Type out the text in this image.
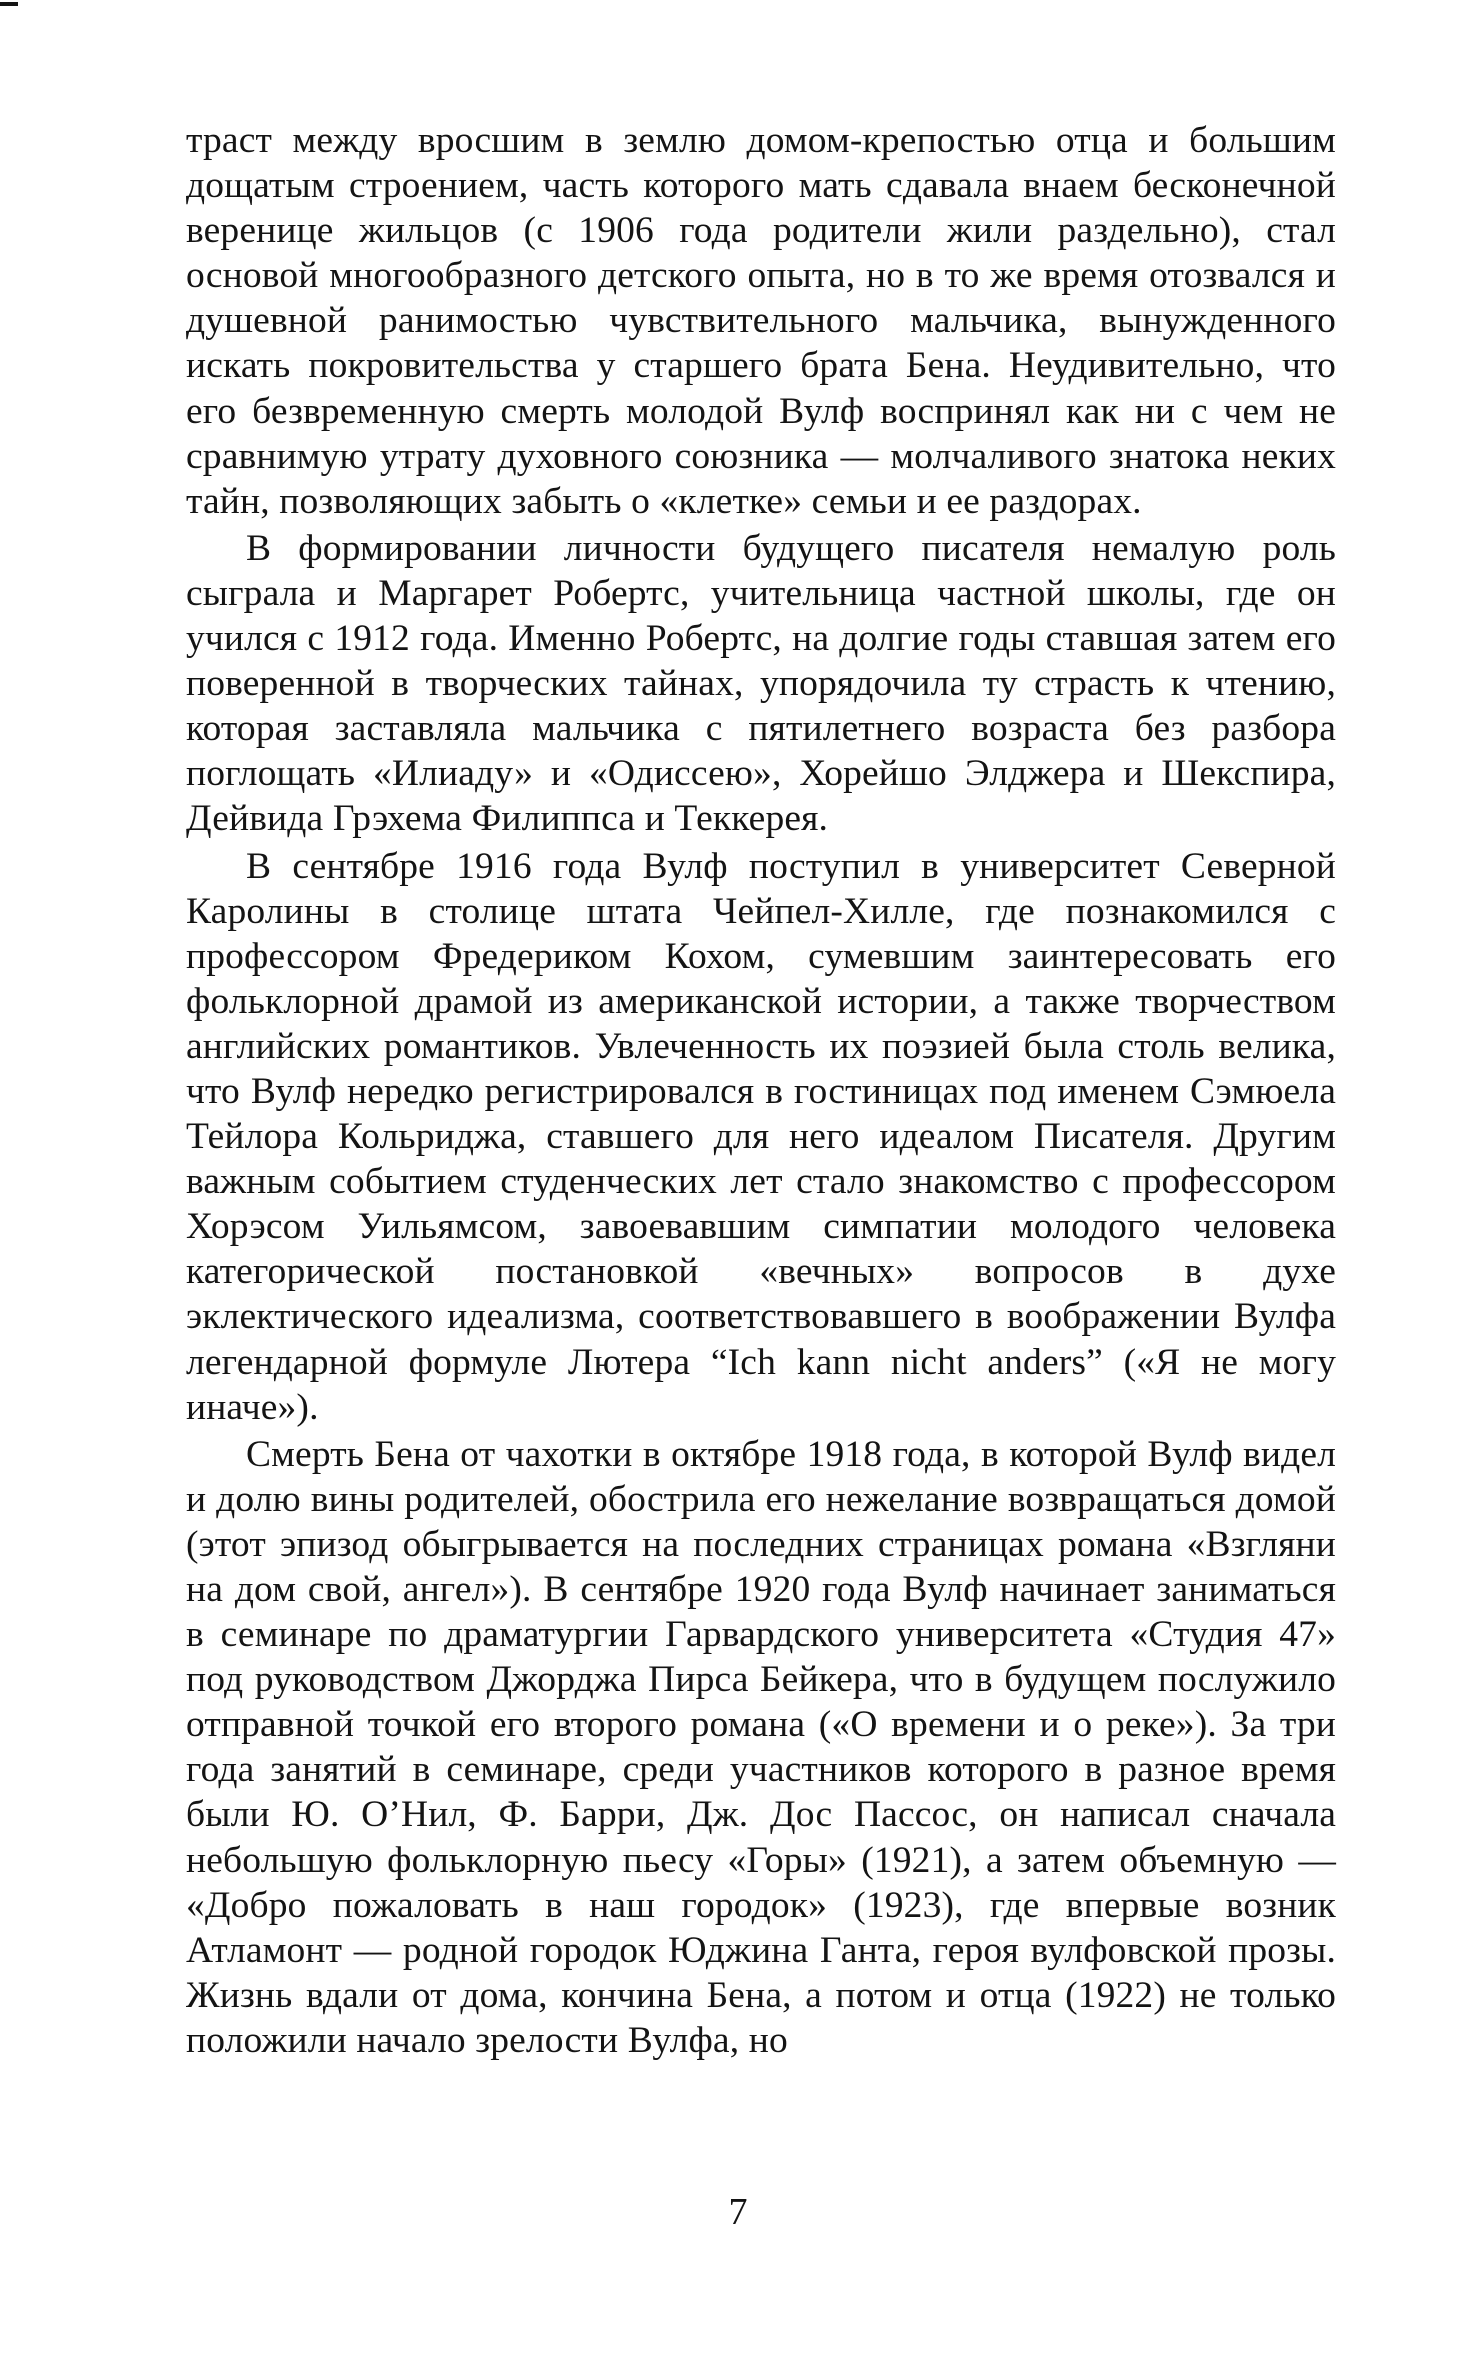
траст между вросшим в землю домом-крепостью отца и большим дощатым строением, часть которого мать сдавала внаем бесконечной веренице жильцов (с 1906 года родители жили раздельно), стал основой многообразного детского опыта, но в то же время отозвался и душевной ранимостью чувствительного мальчика, вынужденного искать покровительства у старшего брата Бена. Неудивительно, что его безвременную смерть молодой Вулф воспринял как ни с чем не сравнимую утрату духовного союзника — молчаливого знатока неких тайн, позволяющих забыть о «клетке» семьи и ее раздорах.

В формировании личности будущего писателя немалую роль сыграла и Маргарет Робертс, учительница частной школы, где он учился с 1912 года. Именно Робертс, на долгие годы ставшая затем его поверенной в творческих тайнах, упорядочила ту страсть к чтению, которая заставляла мальчика с пятилетнего возраста без разбора поглощать «Илиаду» и «Одиссею», Хорейшо Элджера и Шекспира, Дейвида Грэхема Филиппса и Теккерея.

В сентябре 1916 года Вулф поступил в университет Северной Каролины в столице штата Чейпел-Хилле, где познакомился с профессором Фредериком Кохом, сумевшим заинтересовать его фольклорной драмой из американской истории, а также творчеством английских романтиков. Увлеченность их поэзией была столь велика, что Вулф нередко регистрировался в гостиницах под именем Сэмюела Тейлора Кольриджа, ставшего для него идеалом Писателя. Другим важным событием студенческих лет стало знакомство с профессором Хорэсом Уильямсом, завоевавшим симпатии молодого человека категорической постановкой «вечных» вопросов в духе эклектического идеализма, соответствовавшего в воображении Вулфа легендарной формуле Лютера “Ich kann nicht anders” («Я не могу иначе»).

Смерть Бена от чахотки в октябре 1918 года, в которой Вулф видел и долю вины родителей, обострила его нежелание возвращаться домой (этот эпизод обыгрывается на последних страницах романа «Взгляни на дом свой, ангел»). В сентябре 1920 года Вулф начинает заниматься в семинаре по драматургии Гарвардского университета «Студия 47» под руководством Джорджа Пирса Бейкера, что в будущем послужило отправной точкой его второго романа («О времени и о реке»). За три года занятий в семинаре, среди участников которого в разное время были Ю. О’Нил, Ф. Барри, Дж. Дос Пассос, он написал сначала небольшую фольклорную пьесу «Горы» (1921), а затем объемную — «Добро пожаловать в наш городок» (1923), где впервые возник Атламонт — родной городок Юджина Ганта, героя вулфовской прозы. Жизнь вдали от дома, кончина Бена, а потом и отца (1922) не только положили начало зрелости Вулфа, но

7
